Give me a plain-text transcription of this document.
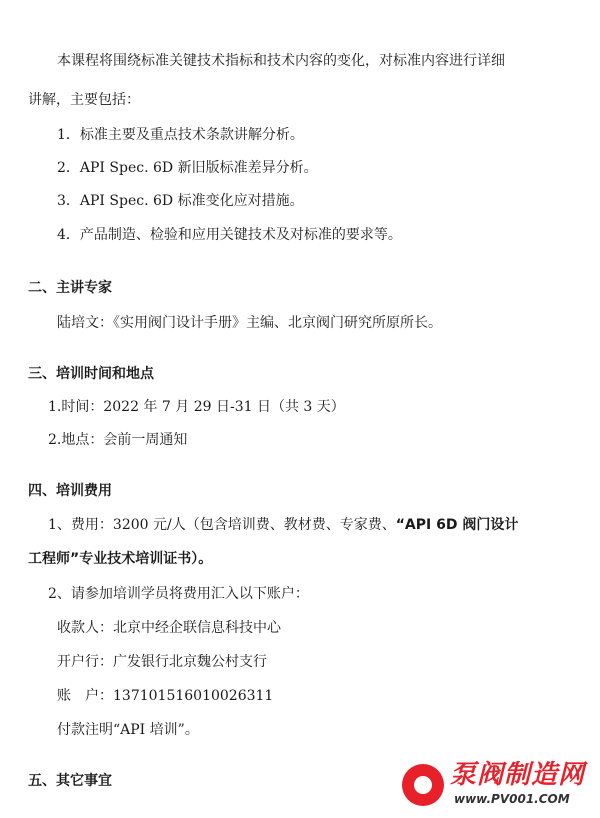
本课程将围绕标准关键技术指标和技术内容的变化，对标准内容进行详细
讲解，主要包括：
1．标准主要及重点技术条款讲解分析。
2．API Spec. 6D 新旧版标准差异分析。
3．API Spec. 6D 标准变化应对措施。
4．产品制造、检验和应用关键技术及对标准的要求等。
二、主讲专家
陆培文：《实用阀门设计手册》主编、北京阀门研究所原所长。
三、培训时间和地点
1.时间：2022 年 7 月 29 日-31 日（共 3 天）
2.地点：会前一周通知
四、培训费用
1、费用：3200 元/人（包含培训费、教材费、专家费、“API 6D 阀门设计
工程师”专业技术培训证书）。
2、请参加培训学员将费用汇入以下账户：
收款人：北京中经企联信息科技中心
开户行：广发银行北京魏公村支行
账　户：137101516010026311
付款注明“API 培训”。
五、其它事宜	泵阀制造网
www.PV001.COM
